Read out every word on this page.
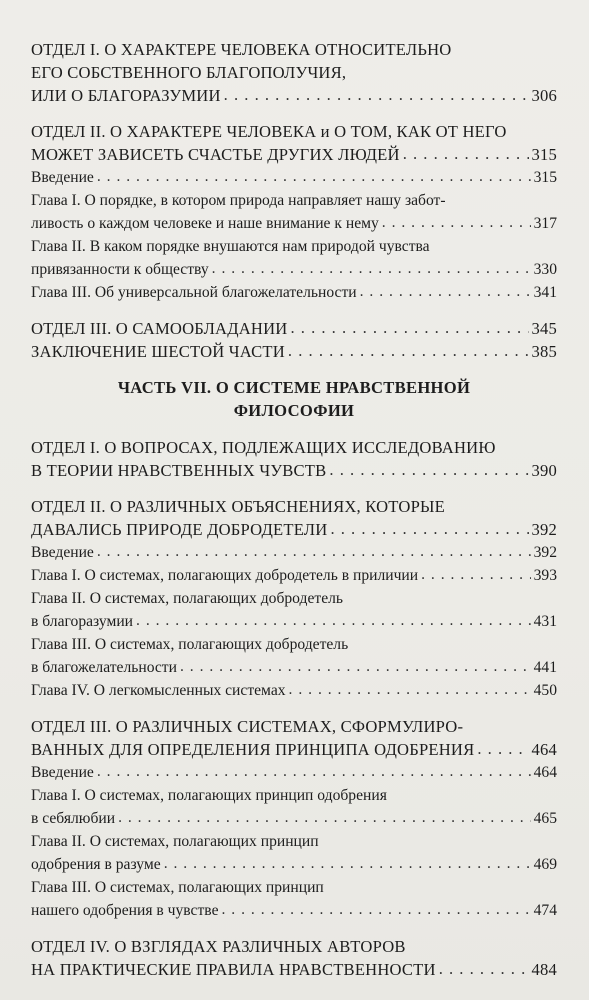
ОТДЕЛ I. О ХАРАКТЕРЕ ЧЕЛОВЕКА ОТНОСИТЕЛЬНО
ЕГО СОБСТВЕННОГО БЛАГОПОЛУЧИЯ,
ИЛИ О БЛАГОРАЗУМИИ . . .	306
ОТДЕЛ II. О ХАРАКТЕРЕ ЧЕЛОВЕКА и О ТОМ, КАК ОТ НЕГО
МОЖЕТ ЗАВИСЕТЬ СЧАСТЬЕ ДРУГИХ ЛЮДЕЙ . . .	315
Введение . . .	315
Глава I. О порядке, в котором природа направляет нашу забот-
ливость о каждом человеке и наше внимание к нему . . .	317
Глава II. В каком порядке внушаются нам природой чувства
привязанности к обществу . . .	330
Глава III. Об универсальной благожелательности . . .	341
ОТДЕЛ III. О САМООБЛАДАНИИ . . .	345
ЗАКЛЮЧЕНИЕ ШЕСТОЙ ЧАСТИ . . .	385
ЧАСТЬ VII. О СИСТЕМЕ НРАВСТВЕННОЙ
ФИЛОСОФИИ
ОТДЕЛ I. О ВОПРОСАХ, ПОДЛЕЖАЩИХ ИССЛЕДОВАНИЮ
В ТЕОРИИ НРАВСТВЕННЫХ ЧУВСТВ . . .	390
ОТДЕЛ II. О РАЗЛИЧНЫХ ОБЪЯСНЕНИЯХ, КОТОРЫЕ
ДАВАЛИСЬ ПРИРОДЕ ДОБРОДЕТЕЛИ . . .	392
Введение . . .	392
Глава I. О системах, полагающих добродетель в приличии . . .	393
Глава II. О системах, полагающих добродетель
в благоразумии . . .	431
Глава III. О системах, полагающих добродетель
в благожелательности . . .	441
Глава IV. О легкомысленных системах . . .	450
ОТДЕЛ III. О РАЗЛИЧНЫХ СИСТЕМАХ, СФОРМУЛИРО-
ВАННЫХ ДЛЯ ОПРЕДЕЛЕНИЯ ПРИНЦИПА ОДОБРЕНИЯ . . .	464
Введение . . .	464
Глава I. О системах, полагающих принцип одобрения
в себялюбии . . .	465
Глава II. О системах, полагающих принцип
одобрения в разуме . . .	469
Глава III. О системах, полагающих принцип
нашего одобрения в чувстве . . .	474
ОТДЕЛ IV. О ВЗГЛЯДАХ РАЗЛИЧНЫХ АВТОРОВ
НА ПРАКТИЧЕСКИЕ ПРАВИЛА НРАВСТВЕННОСТИ . . .	484
